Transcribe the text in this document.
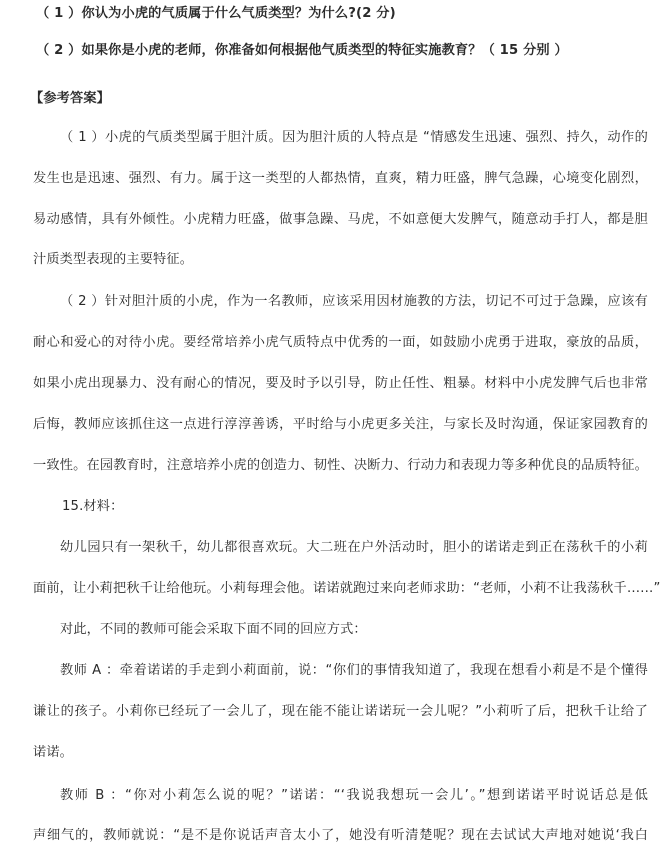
（ 1 ）你认为小虎的气质属于什么气质类型？为什么?(2 分)
（ 2 ）如果你是小虎的老师，你准备如何根据他气质类型的特征实施教育？（ 15 分别 ）
【参考答案】
（ 1 ）小虎的气质类型属于胆汁质。因为胆汁质的人特点是 “情感发生迅速、强烈、持久，动作的
发生也是迅速、强烈、有力。属于这一类型的人都热情，直爽，精力旺盛，脾气急躁，心境变化剧烈，
易动感情，具有外倾性。小虎精力旺盛，做事急躁、马虎，不如意便大发脾气，随意动手打人，都是胆
汁质类型表现的主要特征。
（ 2 ）针对胆汁质的小虎，作为一名教师，应该采用因材施教的方法，切记不可过于急躁，应该有
耐心和爱心的对待小虎。要经常培养小虎气质特点中优秀的一面，如鼓励小虎勇于进取，豪放的品质，
如果小虎出现暴力、没有耐心的情况，要及时予以引导，防止任性、粗暴。材料中小虎发脾气后也非常
后悔，教师应该抓住这一点进行淳淳善诱，平时给与小虎更多关注，与家长及时沟通，保证家园教育的
一致性。在园教育时，注意培养小虎的创造力、韧性、决断力、行动力和表现力等多种优良的品质特征。
15.材料：
幼儿园只有一架秋千，幼儿都很喜欢玩。大二班在户外活动时，胆小的诺诺走到正在荡秋千的小莉
面前，让小莉把秋千让给他玩。小莉每理会他。诺诺就跑过来向老师求助：“老师，小莉不让我荡秋千……”
对此，不同的教师可能会采取下面不同的回应方式：
教师 A ：牵着诺诺的手走到小莉面前，说：“你们的事情我知道了，我现在想看小莉是不是个懂得
谦让的孩子。小莉你已经玩了一会儿了，现在能不能让诺诺玩一会儿呢？”小莉听了后，把秋千让给了
诺诺。
教师 B ：“你对小莉怎么说的呢？”诺诺：“‘我说我想玩一会儿’。”想到诺诺平时说话总是低
声细气的，教师就说：“是不是你说话声音太小了，她没有听清楚呢？现在去试试大声地对她说‘我白
